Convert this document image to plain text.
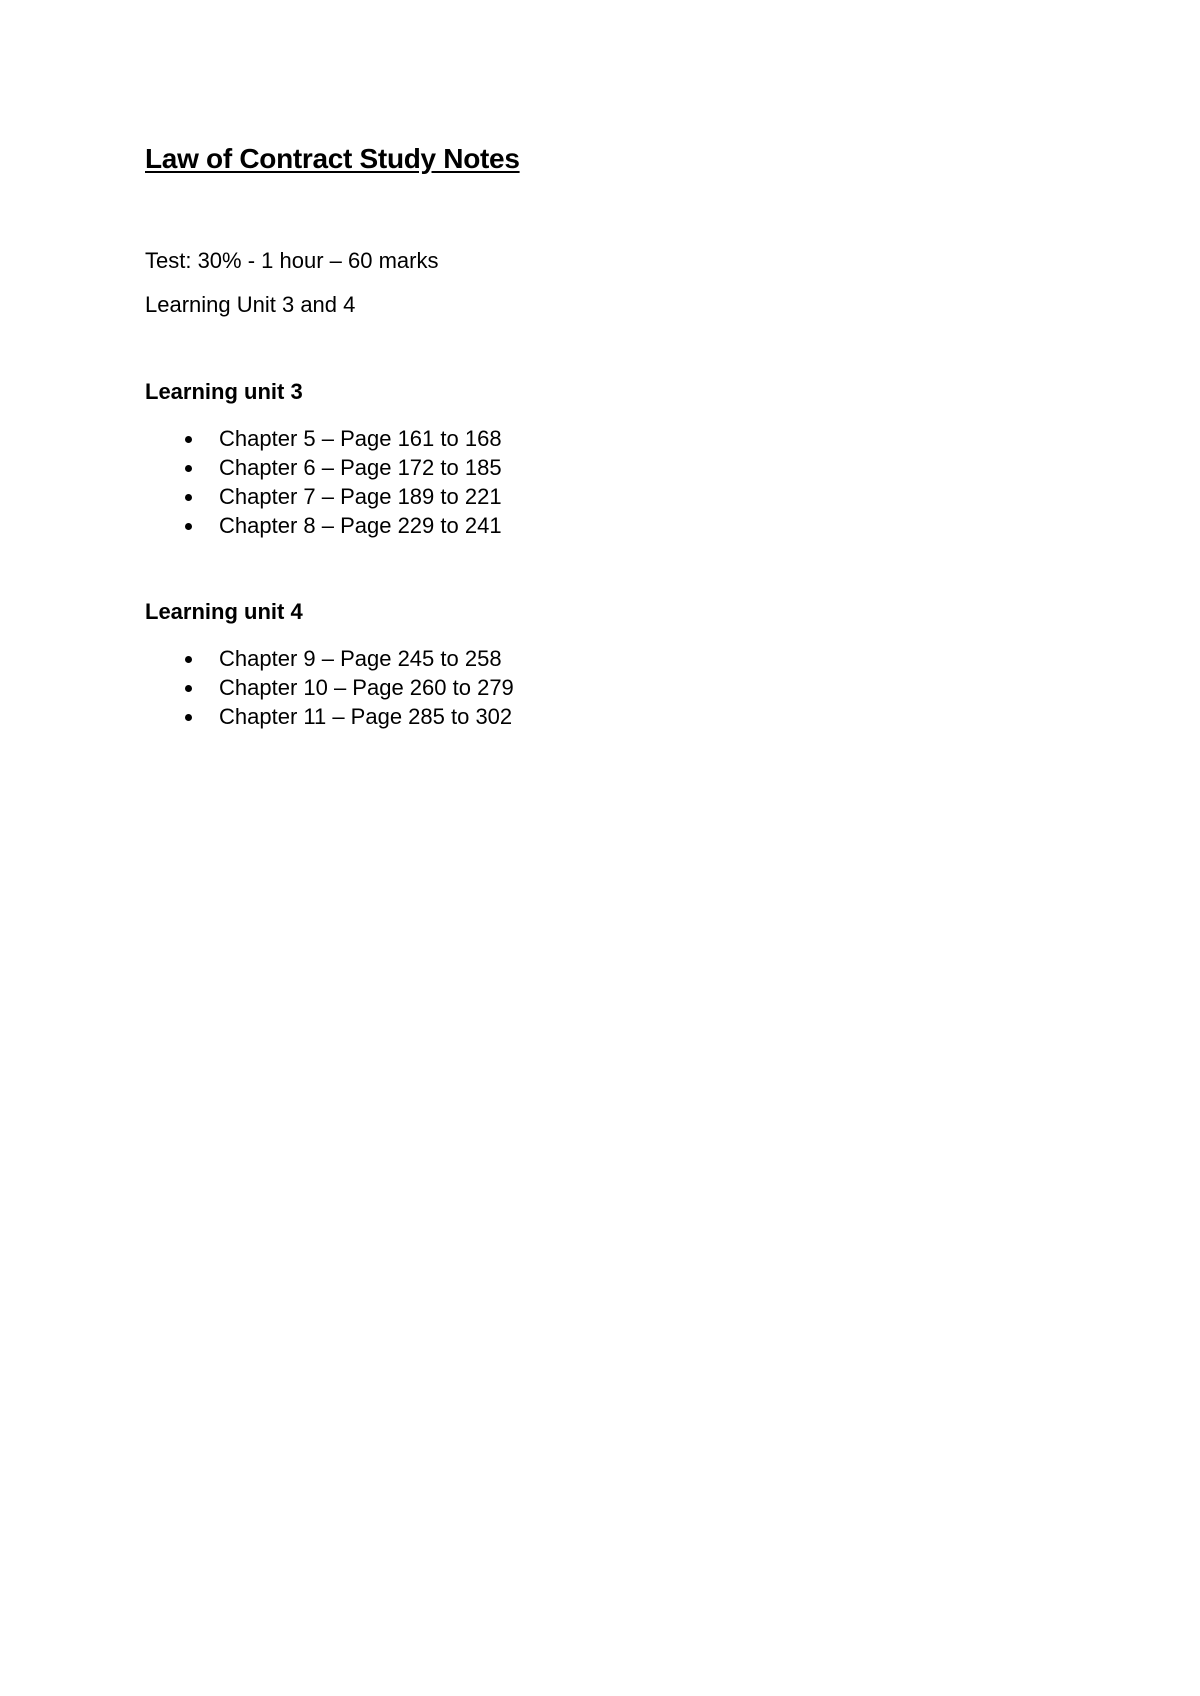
Law of Contract Study Notes

Test: 30% - 1 hour – 60 marks

Learning Unit 3 and 4

Learning unit 3
Chapter 5 – Page 161 to 168
Chapter 6 – Page 172 to 185
Chapter 7 – Page 189 to 221
Chapter 8 – Page 229 to 241
Learning unit 4
Chapter 9 – Page 245 to 258
Chapter 10 – Page 260 to 279
Chapter 11 – Page 285 to 302
